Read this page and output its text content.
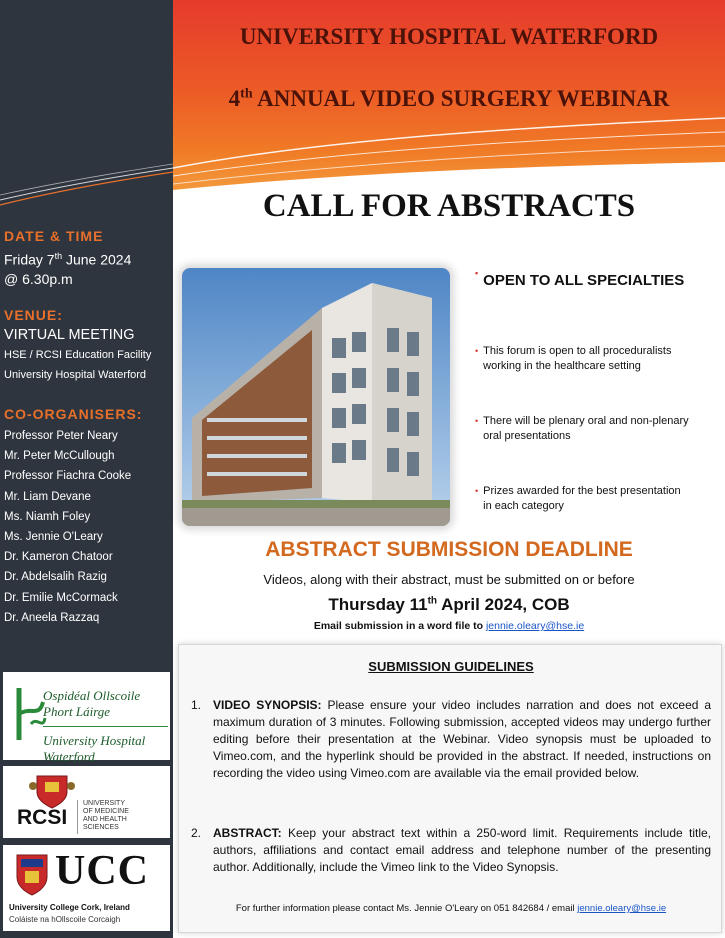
UNIVERSITY HOSPITAL WATERFORD
4th ANNUAL VIDEO SURGERY WEBINAR
DATE & TIME
Friday 7th June 2024
@ 6.30p.m
VENUE:
VIRTUAL MEETING
HSE / RCSI Education Facility
University Hospital Waterford
CO-ORGANISERS:
Professor Peter Neary
Mr. Peter McCullough
Professor Fiachra Cooke
Mr. Liam Devane
Ms. Niamh Foley
Ms. Jennie O'Leary
Dr. Kameron Chatoor
Dr. Abdelsalih Razig
Dr. Emilie McCormack
Dr. Aneela Razzaq
Ospidéal Ollscoile Phort Láirge
University Hospital Waterford
RCSI
UNIVERSITY
OF MEDICINE
AND HEALTH
SCIENCES
UCC
University College Cork, Ireland
Coláiste na hOllscoile Corcaigh
CALL FOR ABSTRACTS
• OPEN TO ALL SPECIALTIES
• This forum is open to all proceduralists
working in the healthcare setting
• There will be plenary oral and non-plenary
oral presentations
• Prizes awarded for the best presentation
in each category
ABSTRACT SUBMISSION DEADLINE
Videos, along with their abstract, must be submitted on or before
Thursday 11th April 2024, COB
Email submission in a word file to jennie.oleary@hse.ie
SUBMISSION GUIDELINES
1. VIDEO SYNOPSIS: Please ensure your video includes narration and does not exceed a maximum duration of 3 minutes. Following submission, accepted videos may undergo further editing before their presentation at the Webinar. Video synopsis must be uploaded to Vimeo.com, and the hyperlink should be provided in the abstract. If needed, instructions on recording the video using Vimeo.com are available via the email provided below.
2. ABSTRACT: Keep your abstract text within a 250-word limit. Requirements include title, authors, affiliations and contact email address and telephone number of the presenting author. Additionally, include the Vimeo link to the Video Synopsis.
For further information please contact Ms. Jennie O'Leary on 051 842684 / email jennie.oleary@hse.ie
